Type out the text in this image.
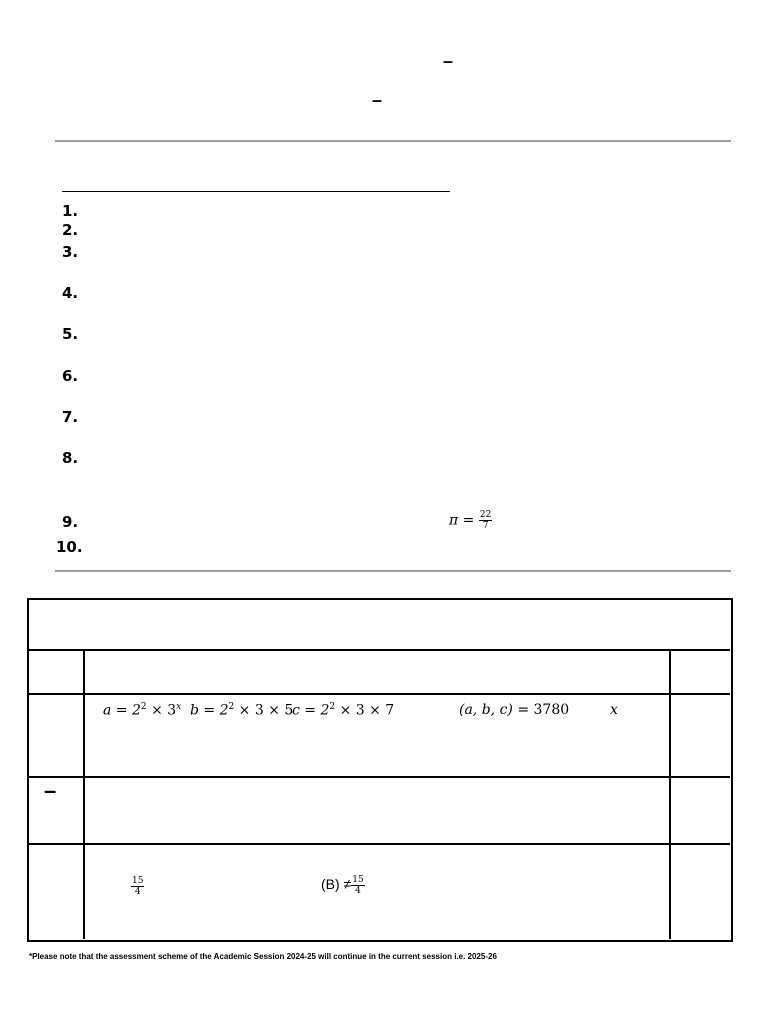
–
–
1.
2.
3.
4.
5.
6.
7.
8.
9.
10.
$\pi = \frac{22}{7}$
$a = 2^2 \times 3^x$ $b = 2^2 \times 3 \times 5$
$c = 2^2 \times 3 \times 7$	(a, b, c) = 3780	x
–
$\frac{15}{4}$	$(B) \ne \frac{15}{4}$
*Please note that the assessment scheme of the Academic Session 2024-25 will continue in the current session i.e. 2025-26
